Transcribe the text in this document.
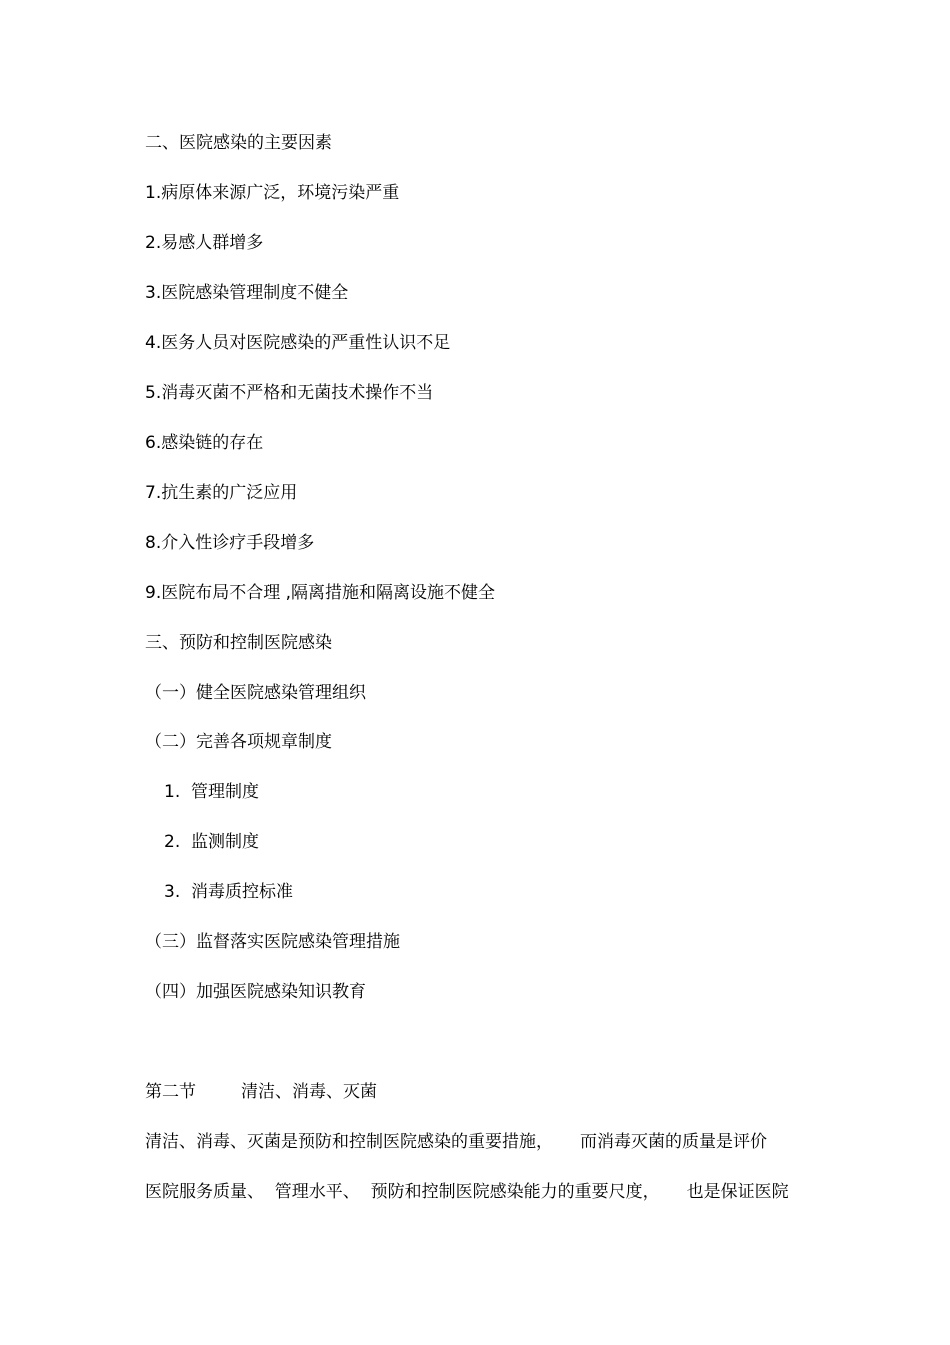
二、医院感染的主要因素
1.病原体来源广泛，环境污染严重
2.易感人群增多
3.医院感染管理制度不健全
4.医务人员对医院感染的严重性认识不足
5.消毒灭菌不严格和无菌技术操作不当
6.感染链的存在
7.抗生素的广泛应用
8.介入性诊疗手段增多
9.医院布局不合理 ,隔离措施和隔离设施不健全
三、预防和控制医院感染
（一）健全医院感染管理组织
（二）完善各项规章制度
1.  管理制度
2.  监测制度
3.  消毒质控标准
（三）监督落实医院感染管理措施
（四）加强医院感染知识教育
第二节	清洁、消毒、灭菌
清洁、消毒、灭菌是预防和控制医院感染的重要措施，     而消毒灭菌的质量是评价
医院服务质量、  管理水平、  预防和控制医院感染能力的重要尺度，     也是保证医院
